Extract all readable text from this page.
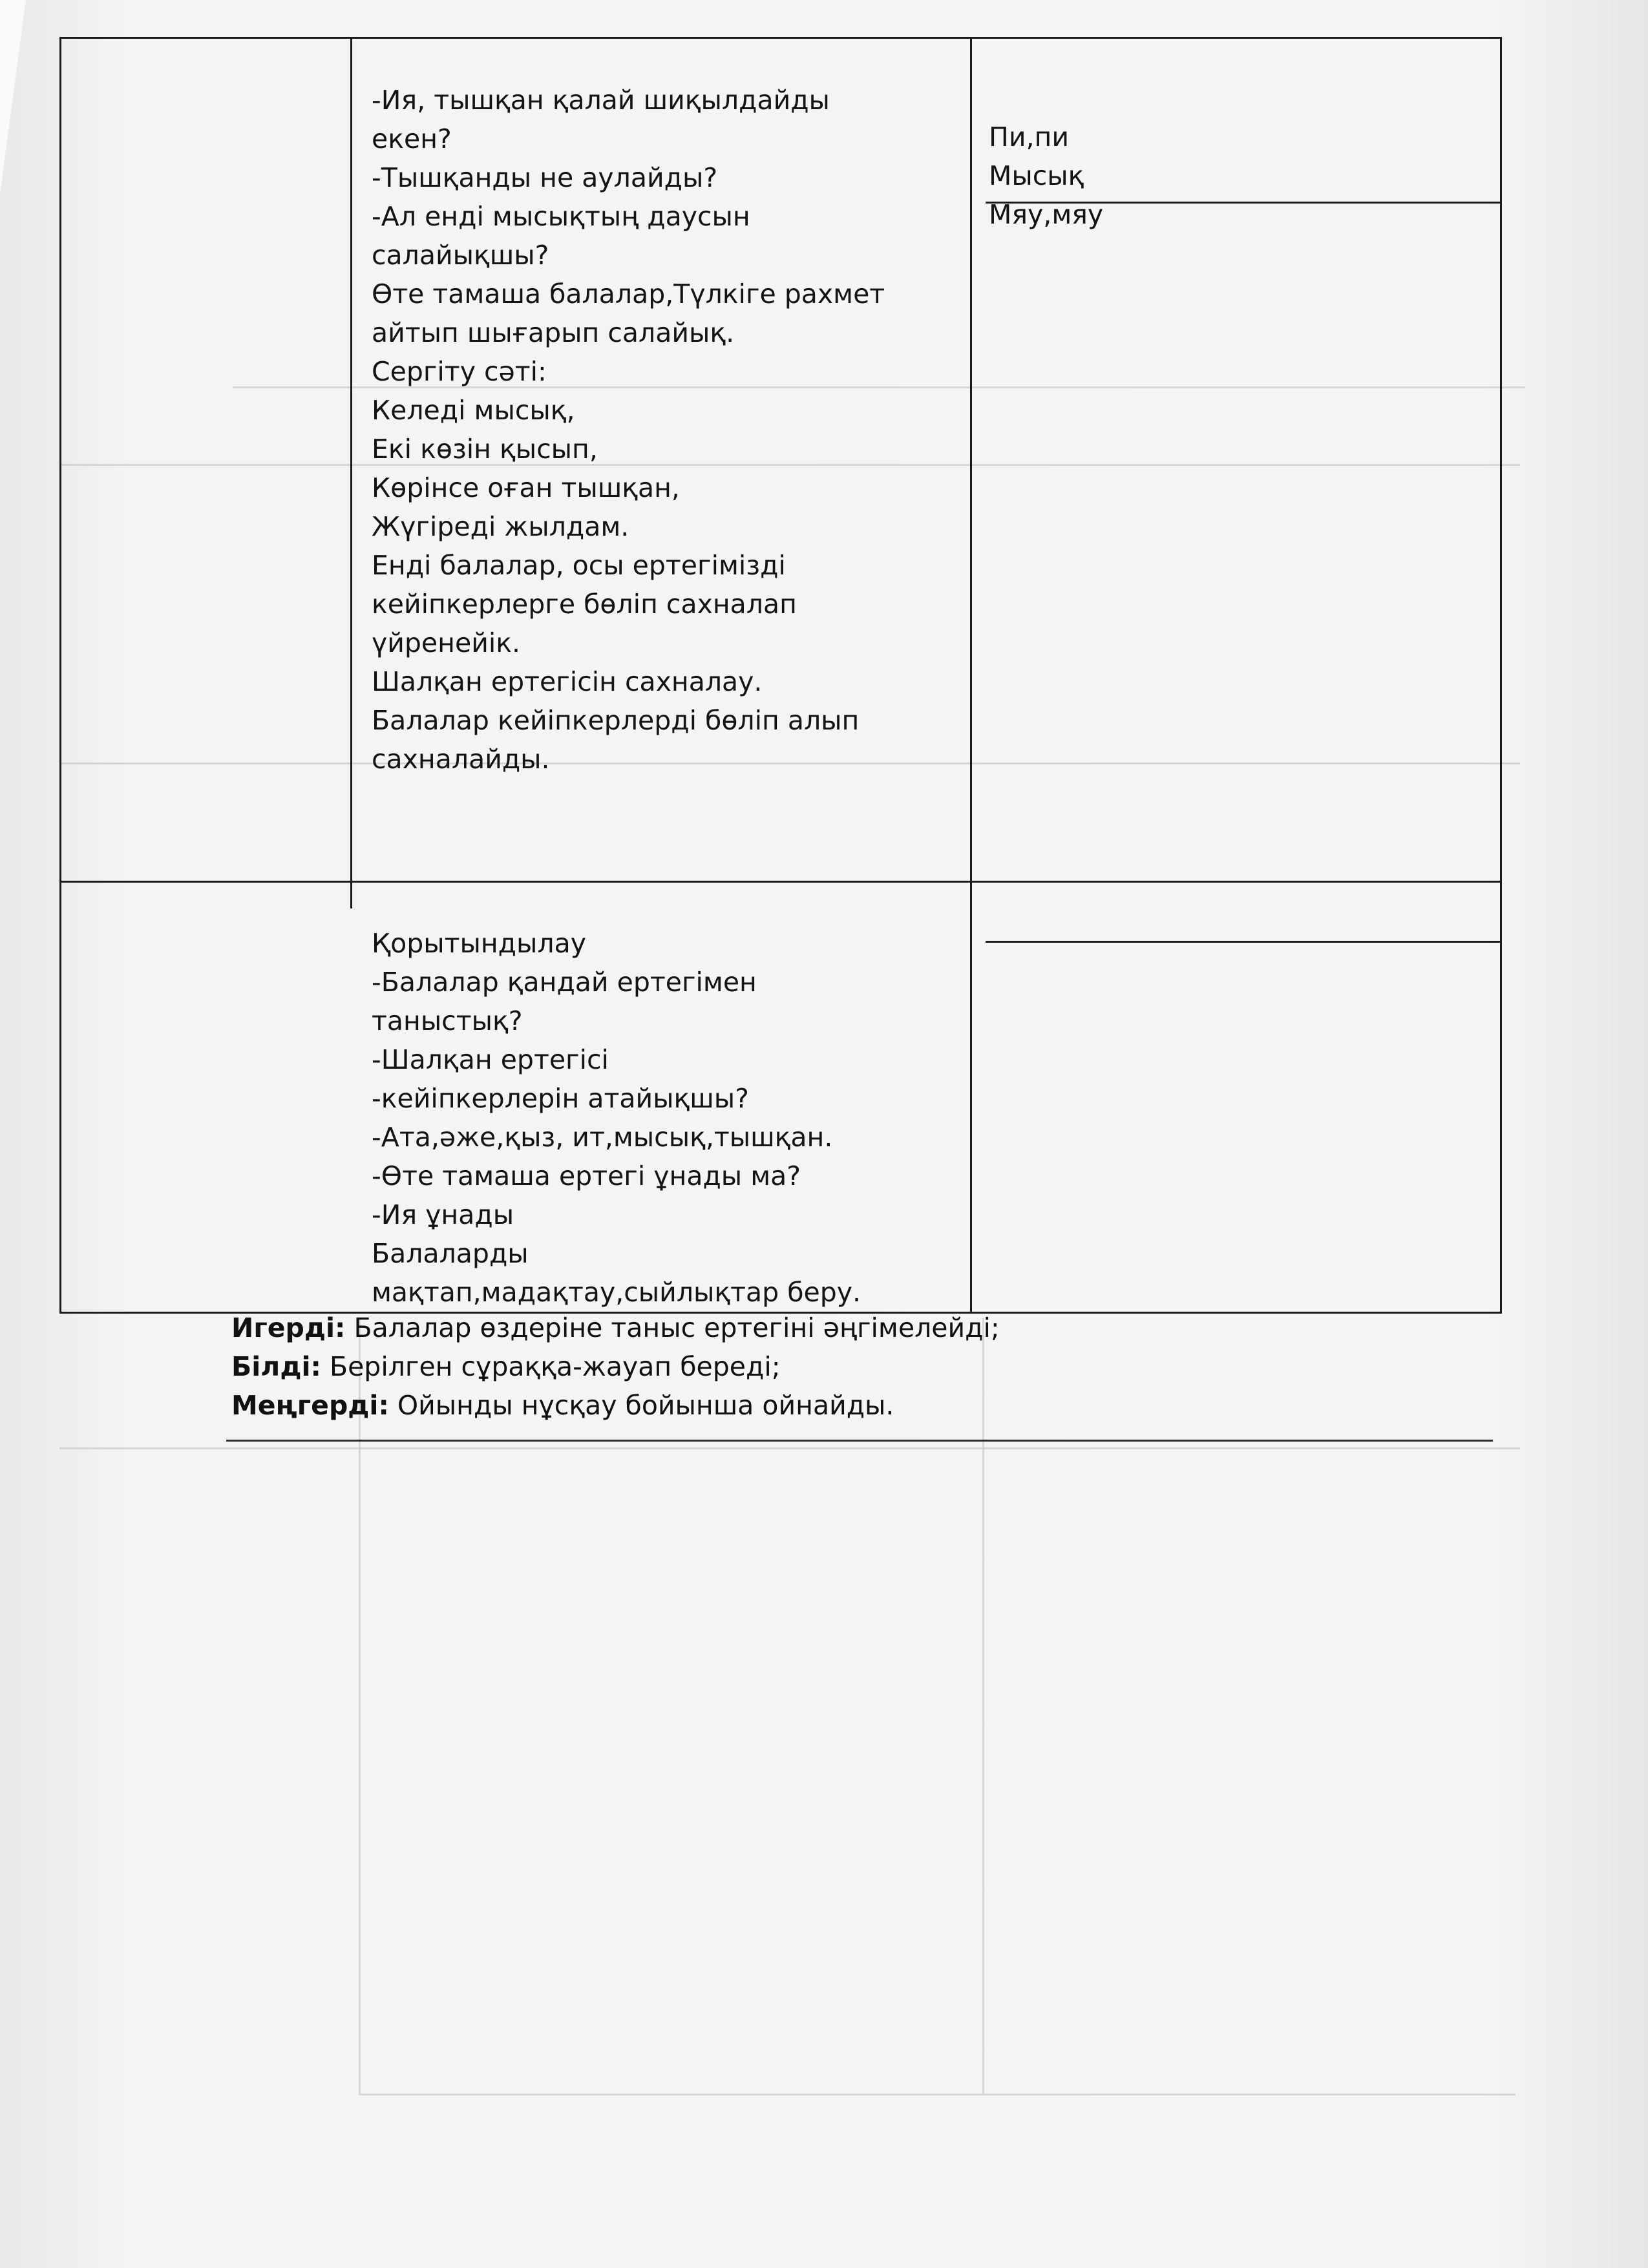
-Ия, тышқан қалай шиқылдайды
екен?
-Тышқанды не аулайды?
-Ал енді мысықтың даусын
салайықшы?
Өте тамаша балалар,Түлкіге рахмет
айтып шығарып салайық.
Сергіту сәті:
Келеді мысық,
Екі көзін қысып,
Көрінсе оған тышқан,
Жүгіреді жылдам.
Енді балалар, осы ертегімізді
кейіпкерлерге бөліп сахналап
үйренейік.
Шалқан ертегісін сахналау.
Балалар кейіпкерлерді бөліп алып
сахналайды.

Пи,пи
Мысық
Мяу,мяу

Қорытындылау
-Балалар қандай ертегімен
таныстық?
-Шалқан ертегісі
-кейіпкерлерін атайықшы?
-Ата,әже,қыз, ит,мысық,тышқан.
-Өте тамаша ертегі ұнады ма?
-Ия ұнады
Балаларды
мақтап,мадақтау,сыйлықтар беру.

Игерді: Балалар өздеріне таныс ертегіні әңгімелейді;
Білді: Берілген сұраққа-жауап береді;
Меңгерді: Ойынды нұсқау бойынша ойнайды.
